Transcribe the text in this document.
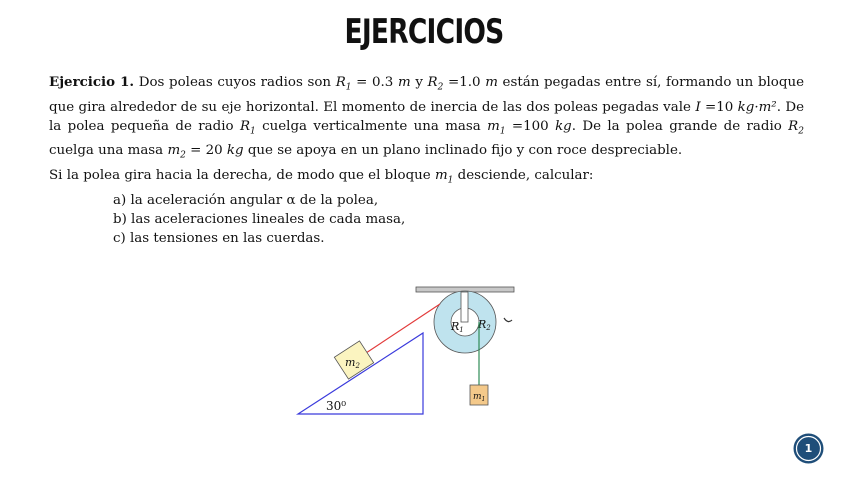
EJERCICIOS

Ejercicio 1. Dos poleas cuyos radios son $R_1 = 0.3$ m y $R_2 =1.0$ m están pegadas entre sí, formando un bloque que gira alrededor de su eje horizontal. El momento de inercia de las dos poleas pegadas vale I =10 kg·m². De la polea pequeña de radio $R_1$ cuelga verticalmente una masa $m_1 =100$ kg. De la polea grande de radio $R_2$ cuelga una masa $m_2 = 20$ kg que se apoya en un plano inclinado fijo y con roce despreciable.

Si la polea gira hacia la derecha, de modo que el bloque $m_1$ desciende, calcular:

a) la aceleración angular α de la polea,
b) las aceleraciones lineales de cada masa,
c) las tensiones en las cuerdas.
R1 R2
m2
$m_1$
30⁰
1
